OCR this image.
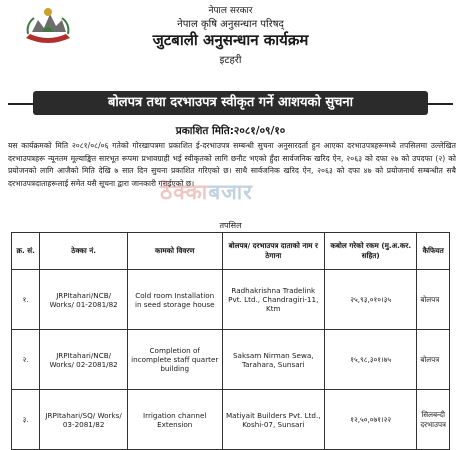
नेपाल सरकार
नेपाल कृषि अनुसन्धान परिषद्
जुटबाली अनुसन्धान कार्यक्रम
इटहरी
बोलपत्र तथा दरभाउपत्र स्वीकृत गर्ने आशयको सुचना
प्रकाशित मिति:२०८१/०९/१०
यस कार्यक्रमको मिति २०८१/०८/०६ गतेको गोरखापत्रमा प्रकाशित ई-दरभाउपत्र सम्बन्धी सुचना अनुसारदर्ता हुन आएका दरभाउपत्रहरूमध्ये तपसिलमा उल्लेखित दरभाउपत्रहरू न्यूनतम मूल्याङ्कित सारभूत रूपमा प्रभावग्राही भई स्वीकृतको लागि छनौट भएको हुँदा सार्वजनिक खरिद ऐन, २०६३ को दफा २७ को उपदफा (२) को प्रयोजनको लागि आजैको मिति देखि ७ सात दिन सुचना प्रकाशित गरिएको छ। साथै सार्वजनिक खरिद ऐन, २०६३ को दफा ४७ को प्रयोजनार्थ सम्बन्धीत सबै दरभाउपत्रदाताहरूलाई समेत यसै सूचना द्वारा जानकारी गराईएको छ।
ठेक्काबजार
तपसिल
क्र. सं.	ठेक्का नं.	कामको विवरण	बोलपत्र/ दरभाउपत्र दाताको नाम र ठेगाना	कबोल गरेको रकम (मु.अ.कर. सहित)	कैफियत
१.	JRPItahari/NCB/ Works/ 01-2081/82	Cold room Installation in seed storage house	Radhakrishna Tradelink Pvt. Ltd., Chandragiri-11, Ktm	२५,९३,०१०।३५	बोलपत्र
२.	JRPItahari/NCB/ Works/ 02-2081/82	Completion of incomplete staff quarter building	Saksam Nirman Sewa, Tarahara, Sunsari	१५,९८,३०१।७५	बोलपत्र
३.	JRPItahari/SQ/ Works/ 03-2081/82	Irrigation channel Extension	Matiyait Builders Pvt. Ltd., Koshi-07, Sunsari	१२,५०,०७१।२२	सिलबन्दी दरभाउपत्र
